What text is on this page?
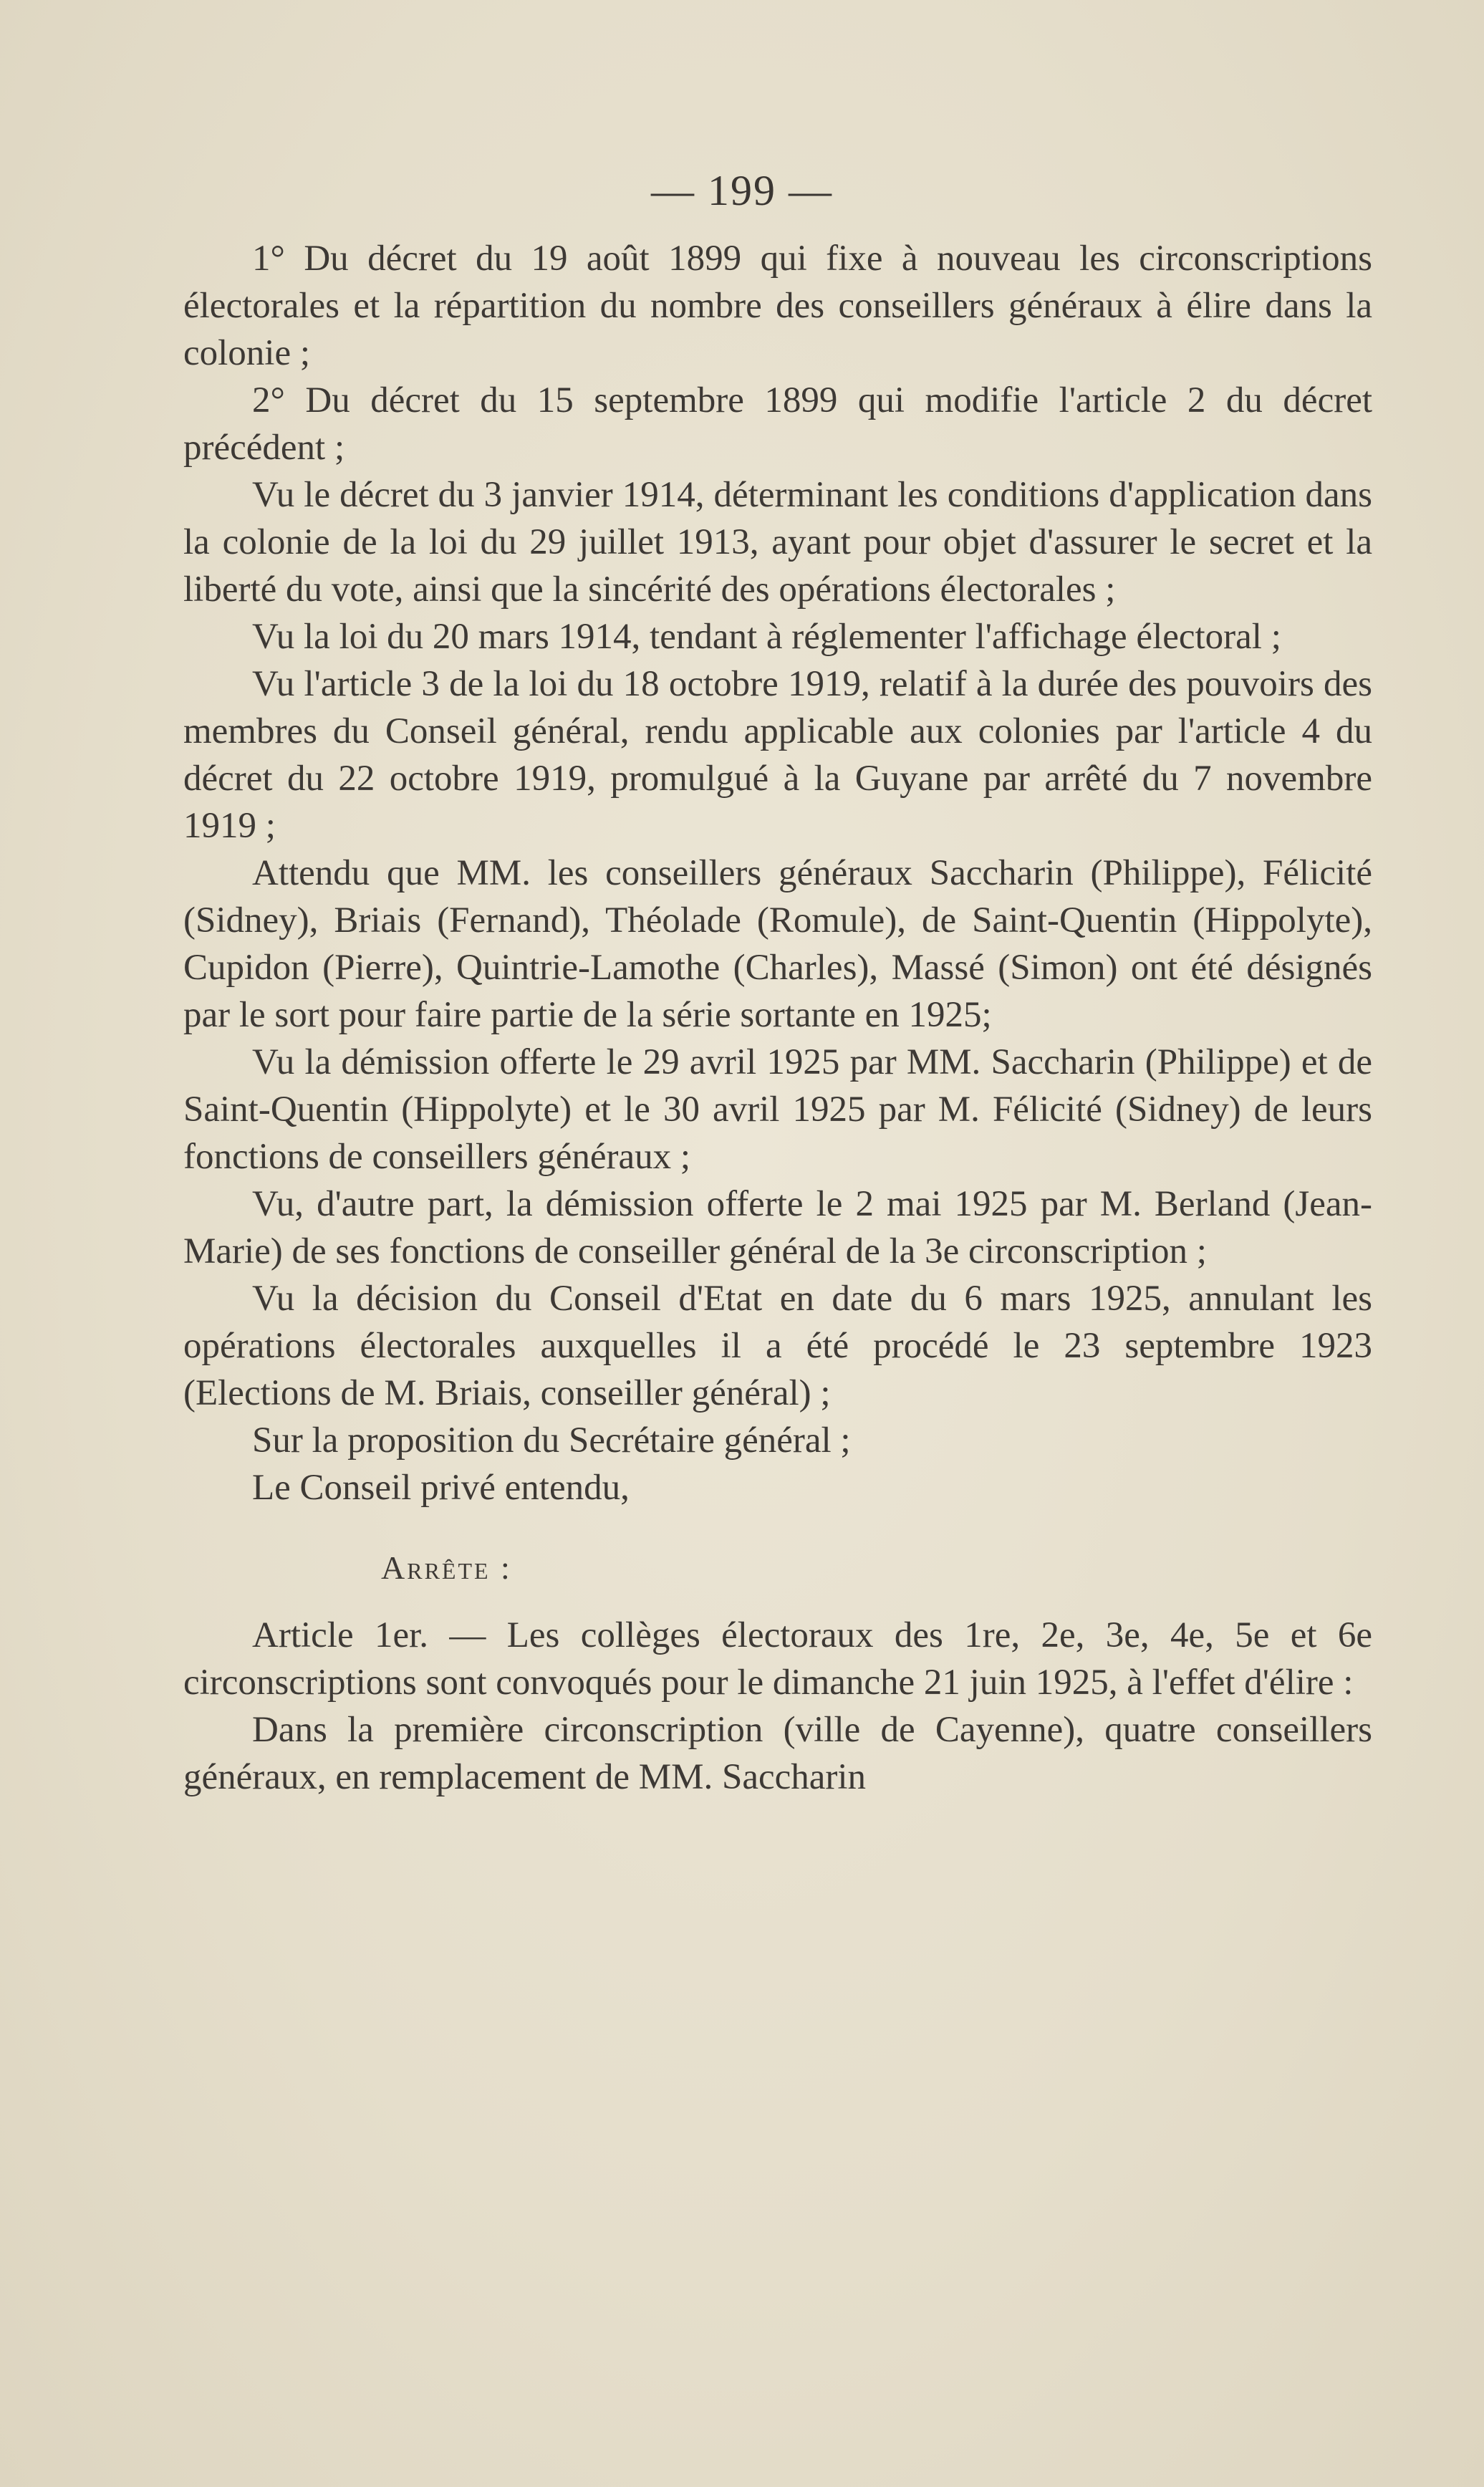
— 199 —

1° Du décret du 19 août 1899 qui fixe à nouveau les circonscriptions électorales et la répartition du nombre des conseillers généraux à élire dans la colonie ;

2° Du décret du 15 septembre 1899 qui modifie l'article 2 du décret précédent ;

Vu le décret du 3 janvier 1914, déterminant les conditions d'application dans la colonie de la loi du 29 juillet 1913, ayant pour objet d'assurer le secret et la liberté du vote, ainsi que la sincérité des opérations électorales ;

Vu la loi du 20 mars 1914, tendant à réglementer l'affichage électoral ;

Vu l'article 3 de la loi du 18 octobre 1919, relatif à la durée des pouvoirs des membres du Conseil général, rendu applicable aux colonies par l'article 4 du décret du 22 octobre 1919, promulgué à la Guyane par arrêté du 7 novembre 1919 ;

Attendu que MM. les conseillers généraux Saccharin (Philippe), Félicité (Sidney), Briais (Fernand), Théolade (Romule), de Saint-Quentin (Hippolyte), Cupidon (Pierre), Quintrie-Lamothe (Charles), Massé (Simon) ont été désignés par le sort pour faire partie de la série sortante en 1925;

Vu la démission offerte le 29 avril 1925 par MM. Saccharin (Philippe) et de Saint-Quentin (Hippolyte) et le 30 avril 1925 par M. Félicité (Sidney) de leurs fonctions de conseillers généraux ;

Vu, d'autre part, la démission offerte le 2 mai 1925 par M. Berland (Jean-Marie) de ses fonctions de conseiller général de la 3e circonscription ;

Vu la décision du Conseil d'Etat en date du 6 mars 1925, annulant les opérations électorales auxquelles il a été procédé le 23 septembre 1923 (Elections de M. Briais, conseiller général) ;

Sur la proposition du Secrétaire général ;

Le Conseil privé entendu,

Arrête :

Article 1er. — Les collèges électoraux des 1re, 2e, 3e, 4e, 5e et 6e circonscriptions sont convoqués pour le dimanche 21 juin 1925, à l'effet d'élire :

Dans la première circonscription (ville de Cayenne), quatre conseillers généraux, en remplacement de MM. Saccharin
